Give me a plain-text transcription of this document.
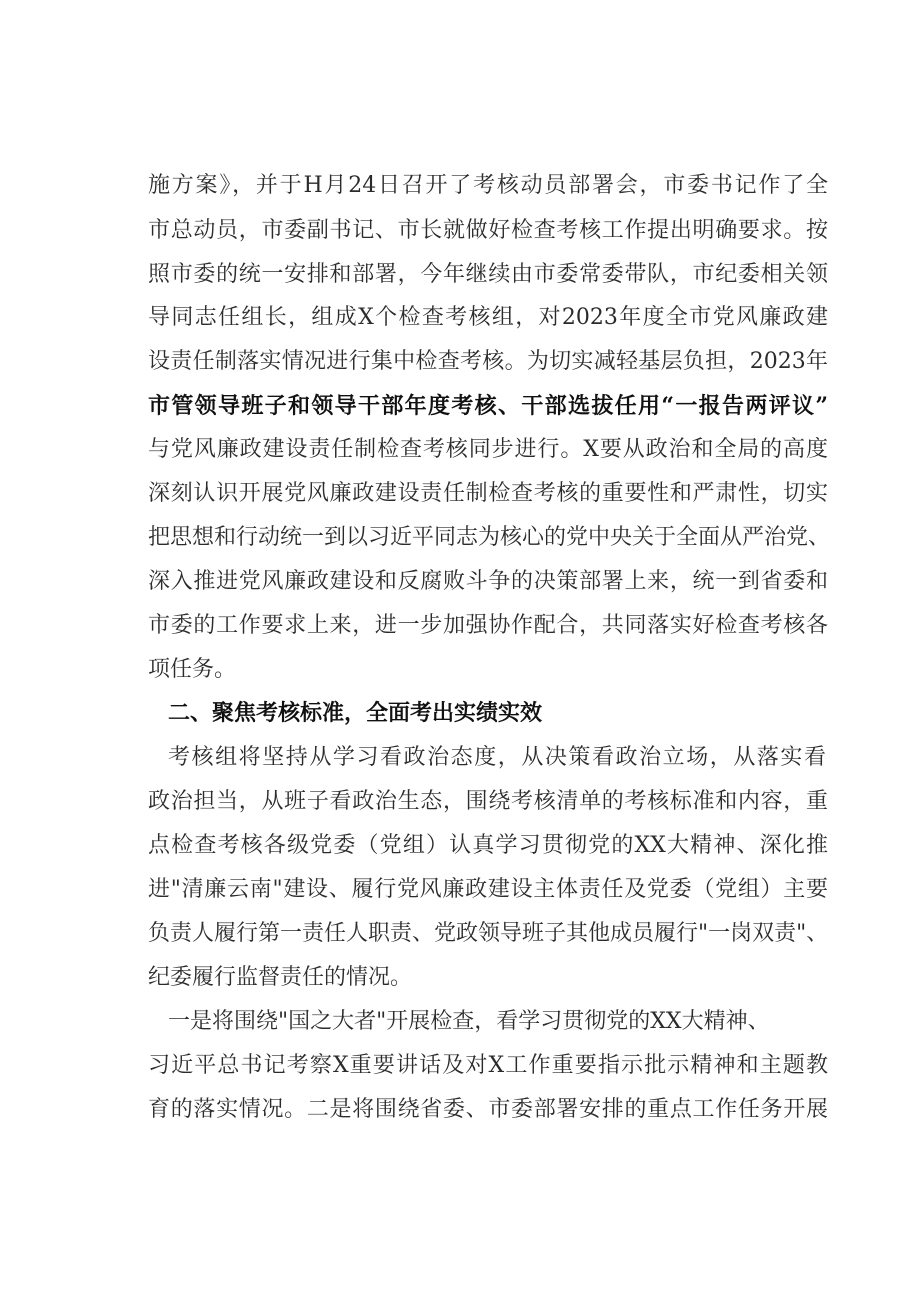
施方案》，并于H月24日召开了考核动员部署会，市委书记作了全
市总动员，市委副书记、市长就做好检查考核工作提出明确要求。按
照市委的统一安排和部署，今年继续由市委常委带队，市纪委相关领
导同志任组长，组成X个检查考核组，对2023年度全市党风廉政建
设责任制落实情况进行集中检查考核。为切实减轻基层负担，2023年
市管领导班子和领导干部年度考核、干部选拔任用“一报告两评议”
与党风廉政建设责任制检查考核同步进行。X要从政治和全局的高度
深刻认识开展党风廉政建设责任制检查考核的重要性和严肃性，切实
把思想和行动统一到以习近平同志为核心的党中央关于全面从严治党、
深入推进党风廉政建设和反腐败斗争的决策部署上来，统一到省委和
市委的工作要求上来，进一步加强协作配合，共同落实好检查考核各
项任务。
二、聚焦考核标准，全面考出实绩实效
考核组将坚持从学习看政治态度，从决策看政治立场，从落实看
政治担当，从班子看政治生态，围绕考核清单的考核标准和内容，重
点检查考核各级党委（党组）认真学习贯彻党的XX大精神、深化推
进"清廉云南"建设、履行党风廉政建设主体责任及党委（党组）主要
负责人履行第一责任人职责、党政领导班子其他成员履行"一岗双责"、
纪委履行监督责任的情况。
一是将围绕"国之大者"开展检查，看学习贯彻党的XX大精神、
习近平总书记考察X重要讲话及对X工作重要指示批示精神和主题教
育的落实情况。二是将围绕省委、市委部署安排的重点工作任务开展
